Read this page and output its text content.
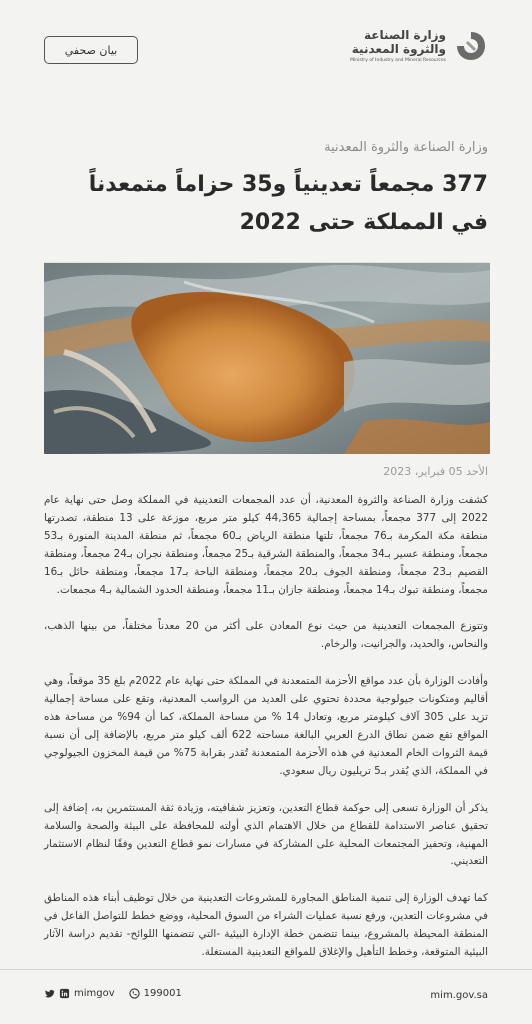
وزارة الصناعة
والثروة المعدنية
Ministry of Industry and Mineral Resources
بيان صحفي
وزارة الصناعة والثروة المعدنية
377 مجمعاً تعدينياً و35 حزاماً متمعدناً
في المملكة حتى 2022
الأحد 05 فبراير، 2023

كشفت وزارة الصناعة والثروة المعدنية، أن عدد المجمعات التعدينية في المملكة وصل حتى نهاية عام 2022 إلى 377 مجمعاً، بمساحة إجمالية 44,365 كيلو متر مربع، موزعة على 13 منطقة، تصدرتها منطقة مكة المكرمة بـ76 مجمعاً، تلتها منطقة الرياض بـ60 مجمعاً، ثم منطقة المدينة المنورة بـ53 مجمعاً، ومنطقة عسير بـ34 مجمعاً، والمنطقة الشرقية بـ25 مجمعاً، ومنطقة نجران بـ24 مجمعاً، ومنطقة القصيم بـ23 مجمعاً، ومنطقة الجوف بـ20 مجمعاً، ومنطقة الباحة بـ17 مجمعاً، ومنطقة حائل بـ16 مجمعاً، ومنطقة تبوك بـ14 مجمعاً، ومنطقة جازان بـ11 مجمعاً، ومنطقة الحدود الشمالية بـ4 مجمعات.

وتتوزع المجمعات التعدينية من حيث نوع المعادن على أكثر من 20 معدناً مختلفاً، من بينها الذهب، والنحاس، والحديد، والجرانيت، والرخام.

وأفادت الوزارة بأن عدد مواقع الأحزمة المتمعدنة في المملكة حتى نهاية عام 2022م بلغ 35 موقعاً، وهي أقاليم ومتكونات جيولوجية محددة تحتوي على العديد من الرواسب المعدنية، وتقع على مساحة إجمالية تزيد على 305 آلاف كيلومتر مربع، وتعادل 14 % من مساحة المملكة، كما أن 94% من مساحة هذه المواقع تقع ضمن نطاق الدرع العربي البالغة مساحته 622 ألف كيلو متر مربع، بالإضافة إلى أن نسبة قيمة الثروات الخام المعدنية في هذه الأحزمة المتمعدنة تُقدر بقرابة 75% من قيمة المخزون الجيولوجي في المملكة، الذي يُقدر بـ5 تريليون ريال سعودي.

يذكر أن الوزارة تسعى إلى حوكمة قطاع التعدين، وتعزيز شفافيته، وزيادة ثقة المستثمرين به، إضافة إلى تحقيق عناصر الاستدامة للقطاع من خلال الاهتمام الذي أولته للمحافظة على البيئة والصحة والسلامة المهنية، وتحفيز المجتمعات المحلية على المشاركة في مسارات نمو قطاع التعدين وفقًا لنظام الاستثمار التعديني.

كما تهدف الوزارة إلى تنمية المناطق المجاورة للمشروعات التعدينية من خلال توظيف أبناء هذه المناطق في مشروعات التعدين، ورفع نسبة عمليات الشراء من السوق المحلية، ووضع خطط للتواصل الفاعل في المنطقة المحيطة بالمشروع، بينما تتضمن خطة الإدارة البيئية -التي تتضمنها اللوائح- تقديم دراسة الآثار البيئية المتوقعة، وخطط التأهيل والإغلاق للمواقع التعدينية المستغلة.

mim.gov.sa
mimgov	199001
